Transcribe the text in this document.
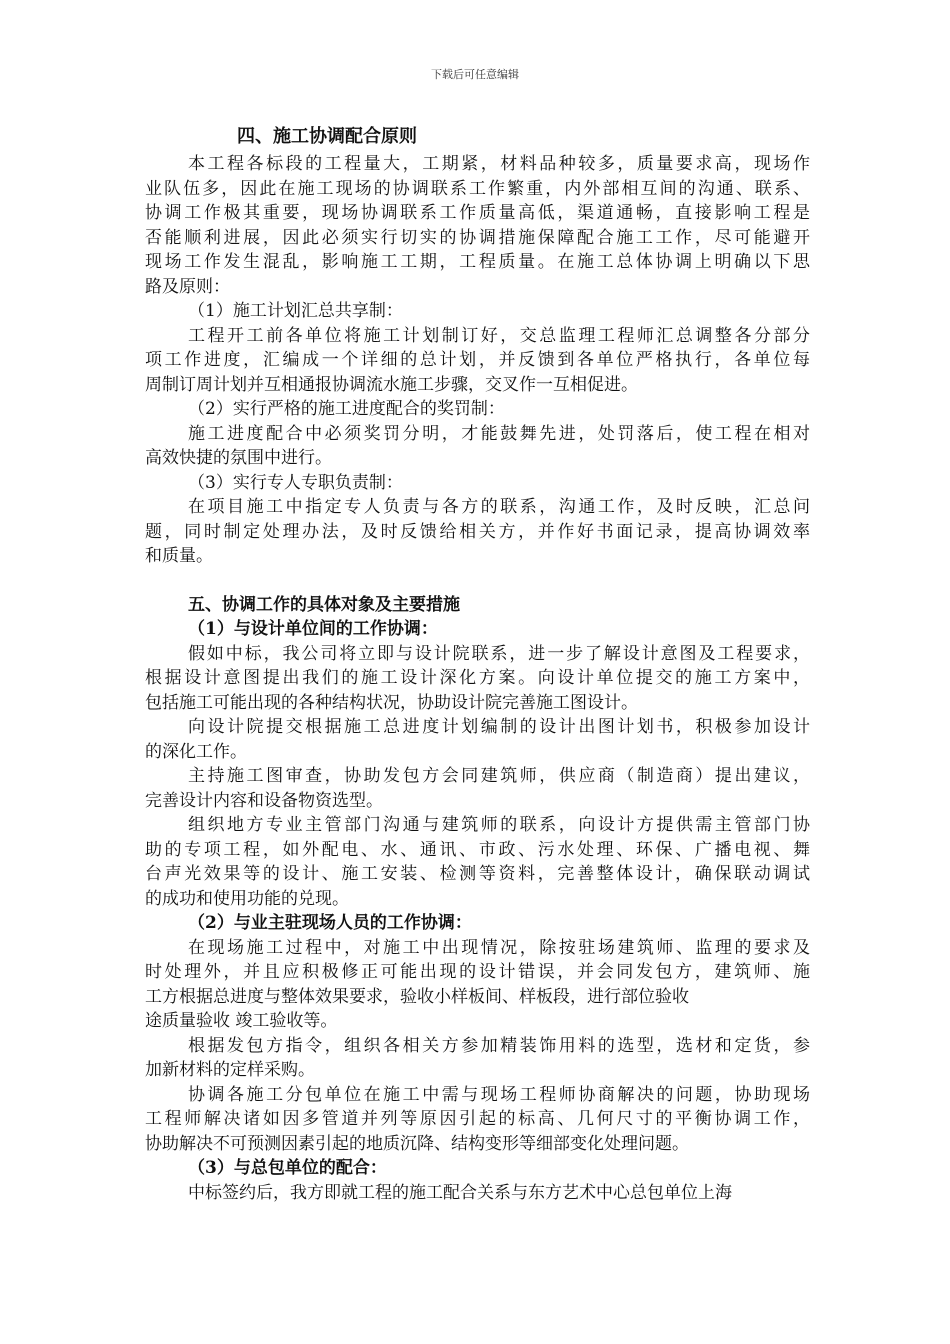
下载后可任意编辑
四、施工协调配合原则
本工程各标段的工程量大，工期紧，材料品种较多，质量要求高，现场作
业队伍多，因此在施工现场的协调联系工作繁重，内外部相互间的沟通、联系、
协调工作极其重要，现场协调联系工作质量高低，渠道通畅，直接影响工程是
否能顺利进展，因此必须实行切实的协调措施保障配合施工工作，尽可能避开
现场工作发生混乱，影响施工工期，工程质量。在施工总体协调上明确以下思
路及原则：
（1）施工计划汇总共享制：
工程开工前各单位将施工计划制订好，交总监理工程师汇总调整各分部分
项工作进度，汇编成一个详细的总计划，并反馈到各单位严格执行，各单位每
周制订周计划并互相通报协调流水施工步骤，交叉作一互相促进。
（2）实行严格的施工进度配合的奖罚制：
施工进度配合中必须奖罚分明，才能鼓舞先进，处罚落后，使工程在相对
高效快捷的氛围中进行。
（3）实行专人专职负责制：
在项目施工中指定专人负责与各方的联系，沟通工作，及时反映，汇总问
题，同时制定处理办法，及时反馈给相关方，并作好书面记录，提高协调效率
和质量。
五、协调工作的具体对象及主要措施
（1）与设计单位间的工作协调：
假如中标，我公司将立即与设计院联系，进一步了解设计意图及工程要求，
根据设计意图提出我们的施工设计深化方案。向设计单位提交的施工方案中，
包括施工可能出现的各种结构状况，协助设计院完善施工图设计。
向设计院提交根据施工总进度计划编制的设计出图计划书，积极参加设计
的深化工作。
主持施工图审查，协助发包方会同建筑师，供应商（制造商）提出建议，
完善设计内容和设备物资选型。
组织地方专业主管部门沟通与建筑师的联系，向设计方提供需主管部门协
助的专项工程，如外配电、水、通讯、市政、污水处理、环保、广播电视、舞
台声光效果等的设计、施工安装、检测等资料，完善整体设计，确保联动调试
的成功和使用功能的兑现。
（2）与业主驻现场人员的工作协调：
在现场施工过程中，对施工中出现情况，除按驻场建筑师、监理的要求及
时处理外，并且应积极修正可能出现的设计错误，并会同发包方，建筑师、施
工方根据总进度与整体效果要求，验收小样板间、样板段，进行部位验收
途质量验收 竣工验收等。
根据发包方指令，组织各相关方参加精装饰用料的选型，选材和定货，参
加新材料的定样采购。
协调各施工分包单位在施工中需与现场工程师协商解决的问题，协助现场
工程师解决诸如因多管道并列等原因引起的标高、几何尺寸的平衡协调工作，
协助解决不可预测因素引起的地质沉降、结构变形等细部变化处理问题。
（3）与总包单位的配合：
中标签约后，我方即就工程的施工配合关系与东方艺术中心总包单位上海
